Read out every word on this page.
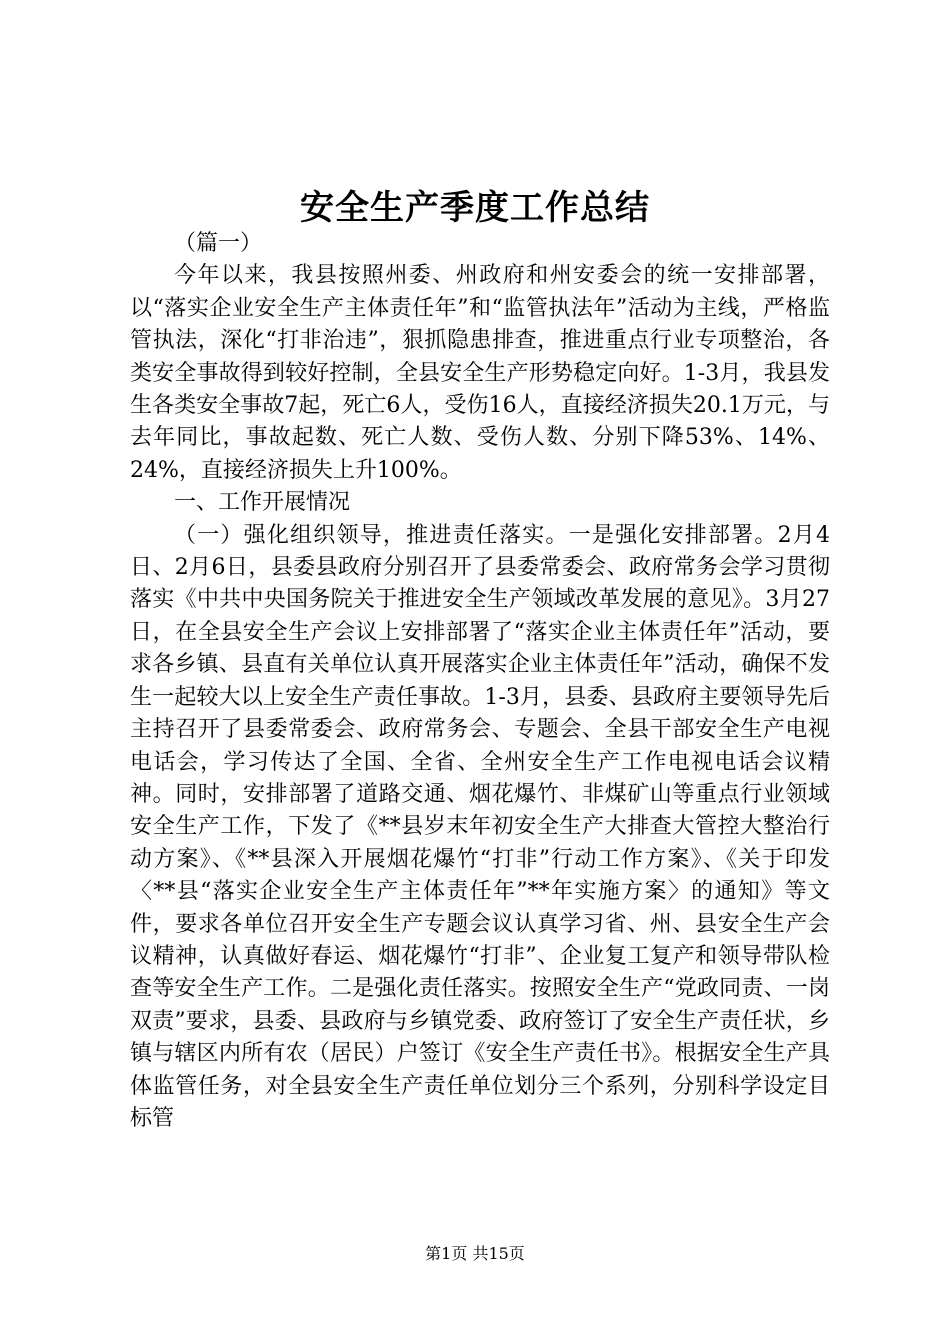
安全生产季度工作总结

（篇一）

今年以来，我县按照州委、州政府和州安委会的统一安排部署，以“落实企业安全生产主体责任年”和“监管执法年”活动为主线，严格监管执法，深化“打非治违”，狠抓隐患排查，推进重点行业专项整治，各类安全事故得到较好控制，全县安全生产形势稳定向好。1-3月，我县发生各类安全事故7起，死亡6人，受伤16人，直接经济损失20.1万元，与去年同比，事故起数、死亡人数、受伤人数、分别下降53%、14%、24%，直接经济损失上升100%。

一、工作开展情况

（一）强化组织领导，推进责任落实。一是强化安排部署。2月4日、2月6日，县委县政府分别召开了县委常委会、政府常务会学习贯彻落实《中共中央国务院关于推进安全生产领域改革发展的意见》。3月27日，在全县安全生产会议上安排部署了“落实企业主体责任年”活动，要求各乡镇、县直有关单位认真开展落实企业主体责任年”活动，确保不发生一起较大以上安全生产责任事故。1-3月，县委、县政府主要领导先后主持召开了县委常委会、政府常务会、专题会、全县干部安全生产电视电话会，学习传达了全国、全省、全州安全生产工作电视电话会议精神。同时，安排部署了道路交通、烟花爆竹、非煤矿山等重点行业领域安全生产工作，下发了《**县岁末年初安全生产大排查大管控大整治行动方案》、《**县深入开展烟花爆竹“打非”行动工作方案》、《关于印发〈**县“落实企业安全生产主体责任年”**年实施方案〉的通知》等文件，要求各单位召开安全生产专题会议认真学习省、州、县安全生产会议精神，认真做好春运、烟花爆竹“打非”、企业复工复产和领导带队检查等安全生产工作。二是强化责任落实。按照安全生产“党政同责、一岗双责”要求，县委、县政府与乡镇党委、政府签订了安全生产责任状，乡镇与辖区内所有农（居民）户签订《安全生产责任书》。根据安全生产具体监管任务，对全县安全生产责任单位划分三个系列，分别科学设定目标管

第1页 共15页
